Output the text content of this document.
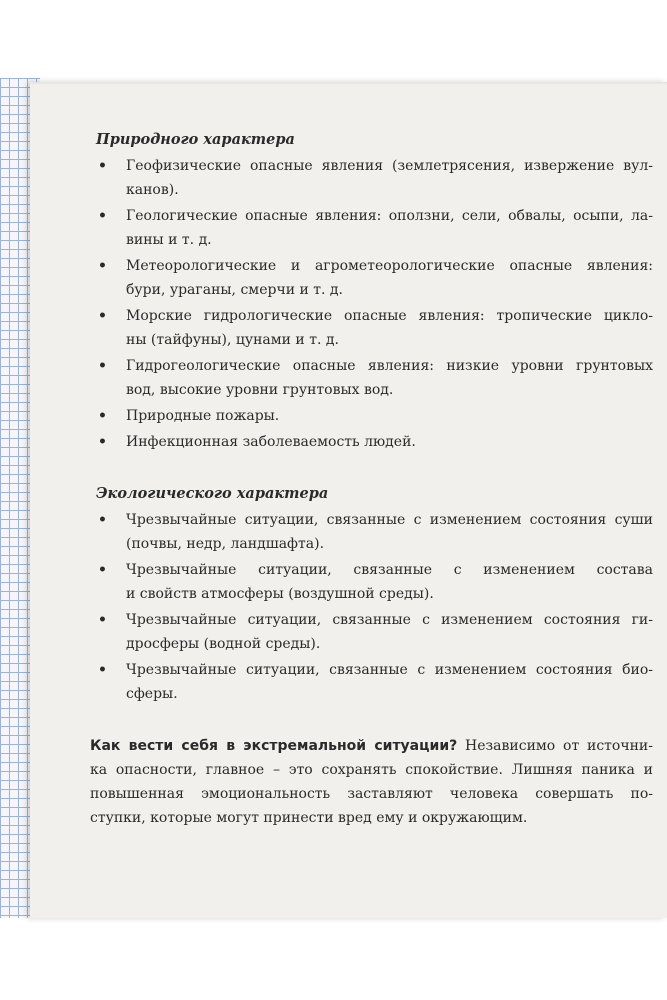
Природного характера
• Геофизические опасные явления (землетрясения, извержение вул-
канов).
• Геологические опасные явления: оползни, сели, обвалы, осыпи, ла-
вины и т. д.
• Метеорологические и агрометеорологические опасные явления:
бури, ураганы, смерчи и т. д.
• Морские гидрологические опасные явления: тропические цикло-
ны (тайфуны), цунами и т. д.
• Гидрогеологические опасные явления: низкие уровни грунтовых
вод, высокие уровни грунтовых вод.
• Природные пожары.
• Инфекционная заболеваемость людей.
Экологического характера
• Чрезвычайные ситуации, связанные с изменением состояния суши
(почвы, недр, ландшафта).
• Чрезвычайные ситуации, связанные с изменением состава
и свойств атмосферы (воздушной среды).
• Чрезвычайные ситуации, связанные с изменением состояния ги-
дросферы (водной среды).
• Чрезвычайные ситуации, связанные с изменением состояния био-
сферы.
Как вести себя в экстремальной ситуации? Независимо от источни-
ка опасности, главное – это сохранять спокойствие. Лишняя паника и
повышенная эмоциональность заставляют человека совершать по-
ступки, которые могут принести вред ему и окружающим.
